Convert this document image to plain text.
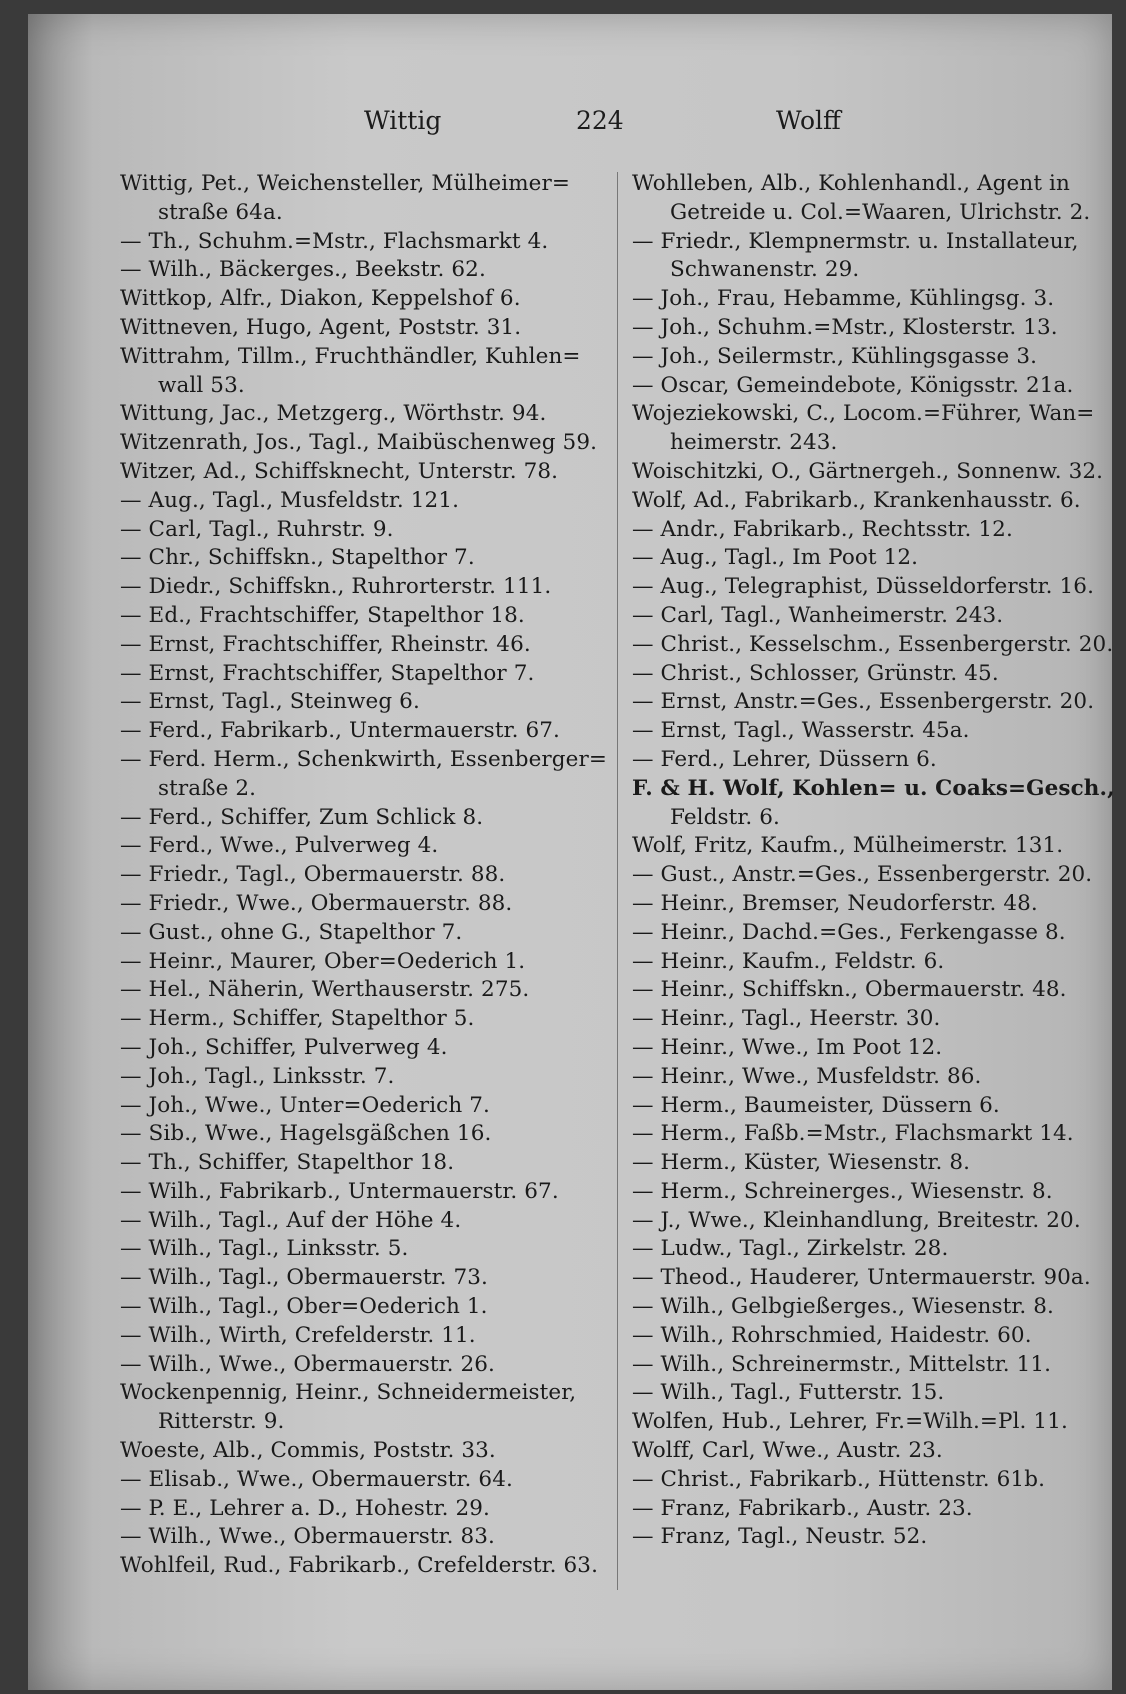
Wittig	224	Wolff
Wittig, Pet., Weichensteller, Mülheimer=
straße 64a.
— Th., Schuhm.=Mstr., Flachsmarkt 4.
— Wilh., Bäckerges., Beekstr. 62.
Wittkop, Alfr., Diakon, Keppelshof 6.
Wittneven, Hugo, Agent, Poststr. 31.
Wittrahm, Tillm., Fruchthändler, Kuhlen=
wall 53.
Wittung, Jac., Metzgerg., Wörthstr. 94.
Witzenrath, Jos., Tagl., Maibüschenweg 59.
Witzer, Ad., Schiffsknecht, Unterstr. 78.
— Aug., Tagl., Musfeldstr. 121.
— Carl, Tagl., Ruhrstr. 9.
— Chr., Schiffskn., Stapelthor 7.
— Diedr., Schiffskn., Ruhrorterstr. 111.
— Ed., Frachtschiffer, Stapelthor 18.
— Ernst, Frachtschiffer, Rheinstr. 46.
— Ernst, Frachtschiffer, Stapelthor 7.
— Ernst, Tagl., Steinweg 6.
— Ferd., Fabrikarb., Untermauerstr. 67.
— Ferd. Herm., Schenkwirth, Essenberger=
straße 2.
— Ferd., Schiffer, Zum Schlick 8.
— Ferd., Wwe., Pulverweg 4.
— Friedr., Tagl., Obermauerstr. 88.
— Friedr., Wwe., Obermauerstr. 88.
— Gust., ohne G., Stapelthor 7.
— Heinr., Maurer, Ober=Oederich 1.
— Hel., Näherin, Werthauserstr. 275.
— Herm., Schiffer, Stapelthor 5.
— Joh., Schiffer, Pulverweg 4.
— Joh., Tagl., Linksstr. 7.
— Joh., Wwe., Unter=Oederich 7.
— Sib., Wwe., Hagelsgäßchen 16.
— Th., Schiffer, Stapelthor 18.
— Wilh., Fabrikarb., Untermauerstr. 67.
— Wilh., Tagl., Auf der Höhe 4.
— Wilh., Tagl., Linksstr. 5.
— Wilh., Tagl., Obermauerstr. 73.
— Wilh., Tagl., Ober=Oederich 1.
— Wilh., Wirth, Crefelderstr. 11.
— Wilh., Wwe., Obermauerstr. 26.
Wockenpennig, Heinr., Schneidermeister,
Ritterstr. 9.
Woeste, Alb., Commis, Poststr. 33.
— Elisab., Wwe., Obermauerstr. 64.
— P. E., Lehrer a. D., Hohestr. 29.
— Wilh., Wwe., Obermauerstr. 83.
Wohlfeil, Rud., Fabrikarb., Crefelderstr. 63.
Wohlleben, Alb., Kohlenhandl., Agent in
Getreide u. Col.=Waaren, Ulrichstr. 2.
— Friedr., Klempnermstr. u. Installateur,
Schwanenstr. 29.
— Joh., Frau, Hebamme, Kühlingsg. 3.
— Joh., Schuhm.=Mstr., Klosterstr. 13.
— Joh., Seilermstr., Kühlingsgasse 3.
— Oscar, Gemeindebote, Königsstr. 21a.
Wojeziekowski, C., Locom.=Führer, Wan=
heimerstr. 243.
Woischitzki, O., Gärtnergeh., Sonnenw. 32.
Wolf, Ad., Fabrikarb., Krankenhausstr. 6.
— Andr., Fabrikarb., Rechtsstr. 12.
— Aug., Tagl., Im Poot 12.
— Aug., Telegraphist, Düsseldorferstr. 16.
— Carl, Tagl., Wanheimerstr. 243.
— Christ., Kesselschm., Essenbergerstr. 20.
— Christ., Schlosser, Grünstr. 45.
— Ernst, Anstr.=Ges., Essenbergerstr. 20.
— Ernst, Tagl., Wasserstr. 45a.
— Ferd., Lehrer, Düssern 6.
F. & H. Wolf, Kohlen= u. Coaks=Gesch.,
Feldstr. 6.
Wolf, Fritz, Kaufm., Mülheimerstr. 131.
— Gust., Anstr.=Ges., Essenbergerstr. 20.
— Heinr., Bremser, Neudorferstr. 48.
— Heinr., Dachd.=Ges., Ferkengasse 8.
— Heinr., Kaufm., Feldstr. 6.
— Heinr., Schiffskn., Obermauerstr. 48.
— Heinr., Tagl., Heerstr. 30.
— Heinr., Wwe., Im Poot 12.
— Heinr., Wwe., Musfeldstr. 86.
— Herm., Baumeister, Düssern 6.
— Herm., Faßb.=Mstr., Flachsmarkt 14.
— Herm., Küster, Wiesenstr. 8.
— Herm., Schreinerges., Wiesenstr. 8.
— J., Wwe., Kleinhandlung, Breitestr. 20.
— Ludw., Tagl., Zirkelstr. 28.
— Theod., Hauderer, Untermauerstr. 90a.
— Wilh., Gelbgießerges., Wiesenstr. 8.
— Wilh., Rohrschmied, Haidestr. 60.
— Wilh., Schreinermstr., Mittelstr. 11.
— Wilh., Tagl., Futterstr. 15.
Wolfen, Hub., Lehrer, Fr.=Wilh.=Pl. 11.
Wolff, Carl, Wwe., Austr. 23.
— Christ., Fabrikarb., Hüttenstr. 61b.
— Franz, Fabrikarb., Austr. 23.
— Franz, Tagl., Neustr. 52.
